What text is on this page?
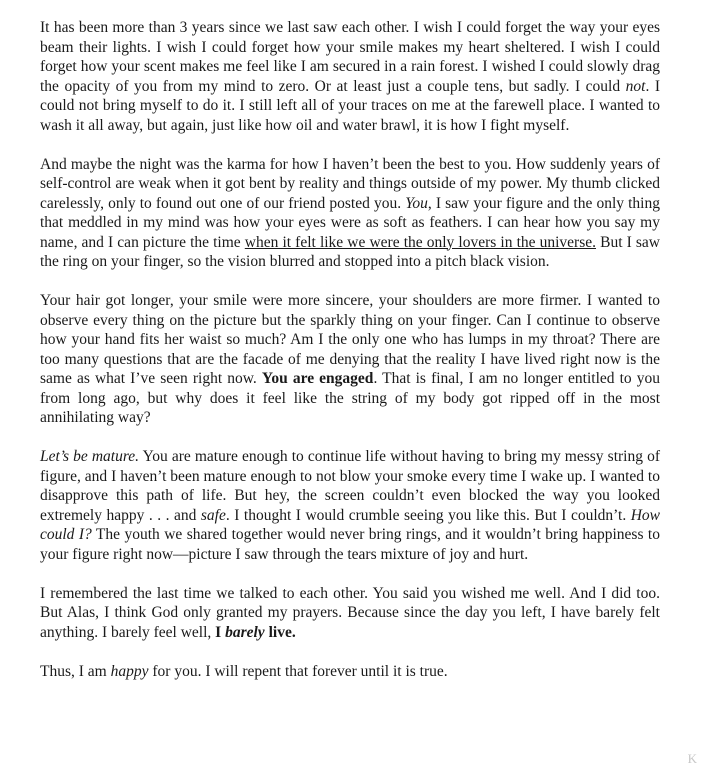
It has been more than 3 years since we last saw each other. I wish I could forget the way your eyes beam their lights. I wish I could forget how your smile makes my heart sheltered. I wish I could forget how your scent makes me feel like I am secured in a rain forest. I wished I could slowly drag the opacity of you from my mind to zero. Or at least just a couple tens, but sadly. I could not. I could not bring myself to do it. I still left all of your traces on me at the farewell place. I wanted to wash it all away, but again, just like how oil and water brawl, it is how I fight myself.

And maybe the night was the karma for how I haven’t been the best to you. How suddenly years of self-control are weak when it got bent by reality and things outside of my power. My thumb clicked carelessly, only to found out one of our friend posted you. You, I saw your figure and the only thing that meddled in my mind was how your eyes were as soft as feathers. I can hear how you say my name, and I can picture the time when it felt like we were the only lovers in the universe. But I saw the ring on your finger, so the vision blurred and stopped into a pitch black vision.

Your hair got longer, your smile were more sincere, your shoulders are more firmer. I wanted to observe every thing on the picture but the sparkly thing on your finger. Can I continue to observe how your hand fits her waist so much? Am I the only one who has lumps in my throat? There are too many questions that are the facade of me denying that the reality I have lived right now is the same as what I’ve seen right now. You are engaged. That is final, I am no longer entitled to you from long ago, but why does it feel like the string of my body got ripped off in the most annihilating way?

Let’s be mature. You are mature enough to continue life without having to bring my messy string of figure, and I haven’t been mature enough to not blow your smoke every time I wake up. I wanted to disapprove this path of life. But hey, the screen couldn’t even blocked the way you looked extremely happy . . . and safe. I thought I would crumble seeing you like this. But I couldn’t. How could I? The youth we shared together would never bring rings, and it wouldn’t bring happiness to your figure right now—picture I saw through the tears mixture of joy and hurt.

I remembered the last time we talked to each other. You said you wished me well. And I did too. But Alas, I think God only granted my prayers. Because since the day you left, I have barely felt anything. I barely feel well, I barely live.

Thus, I am happy for you. I will repent that forever until it is true.

K
